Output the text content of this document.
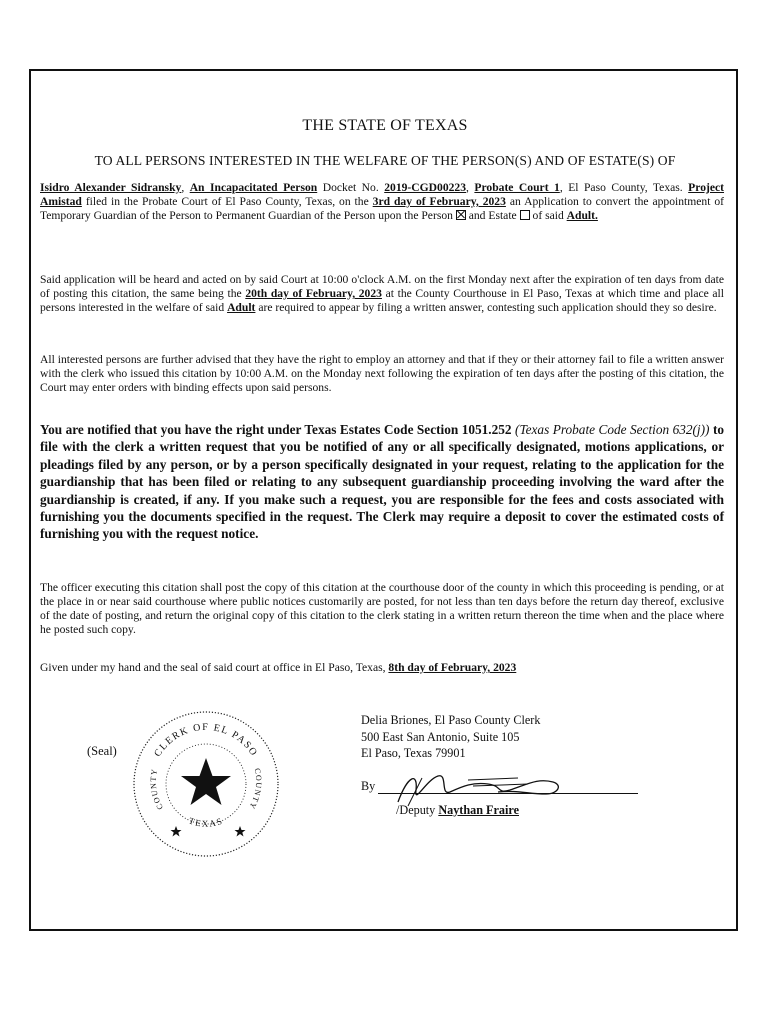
THE STATE OF TEXAS
TO ALL PERSONS INTERESTED IN THE WELFARE OF THE PERSON(S) AND OF ESTATE(S) OF

Isidro Alexander Sidransky, An Incapacitated Person Docket No. 2019-CGD00223, Probate Court 1, El Paso County, Texas. Project Amistad filed in the Probate Court of El Paso County, Texas, on the 3rd day of February, 2023 an Application to convert the appointment of Temporary Guardian of the Person to Permanent Guardian of the Person upon the Person and Estate of said Adult.

Said application will be heard and acted on by said Court at 10:00 o'clock A.M. on the first Monday next after the expiration of ten days from date of posting this citation, the same being the 20th day of February, 2023 at the County Courthouse in El Paso, Texas at which time and place all persons interested in the welfare of said Adult are required to appear by filing a written answer, contesting such application should they so desire.

All interested persons are further advised that they have the right to employ an attorney and that if they or their attorney fail to file a written answer with the clerk who issued this citation by 10:00 A.M. on the Monday next following the expiration of ten days after the posting of this citation, the Court may enter orders with binding effects upon said persons.

You are notified that you have the right under Texas Estates Code Section 1051.252 (Texas Probate Code Section 632(j)) to file with the clerk a written request that you be notified of any or all specifically designated, motions applications, or pleadings filed by any person, or by a person specifically designated in your request, relating to the application for the guardianship that has been filed or relating to any subsequent guardianship proceeding involving the ward after the guardianship is created, if any. If you make such a request, you are responsible for the fees and costs associated with furnishing you the documents specified in the request. The Clerk may require a deposit to cover the estimated costs of furnishing you with the request notice.

The officer executing this citation shall post the copy of this citation at the courthouse door of the county in which this proceeding is pending, or at the place in or near said courthouse where public notices customarily are posted, for not less than ten days before the return day thereof, exclusive of the date of posting, and return the original copy of this citation to the clerk stating in a written return thereon the time when and the place where he posted such copy.

Given under my hand and the seal of said court at office in El Paso, Texas, 8th day of February, 2023

(Seal)	CLERK OF EL PASO
TEXAS
COUNTY	COUNTY
Delia Briones, El Paso County Clerk
500 East San Antonio, Suite 105
El Paso, Texas 79901
By
/Deputy Naythan Fraire
